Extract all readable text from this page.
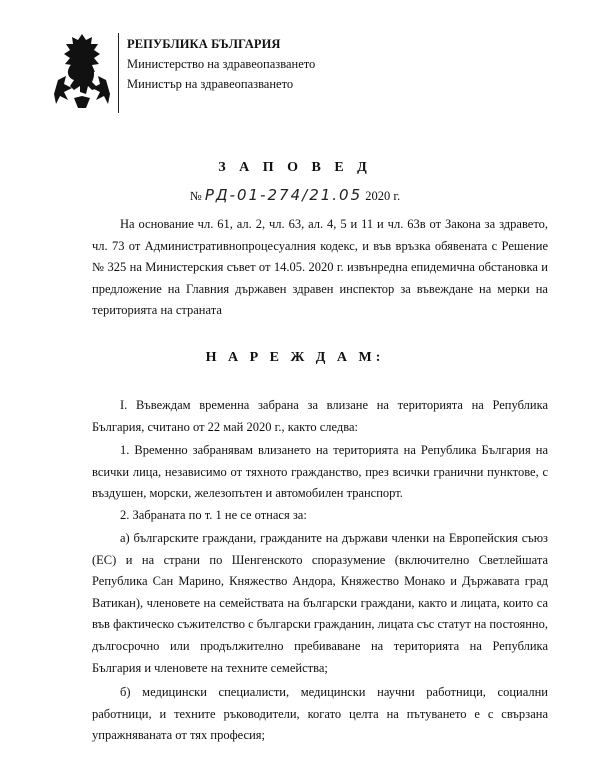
РЕПУБЛИКА БЪЛГАРИЯ
Министерство на здравеопазването
Министър на здравеопазването
З А П О В Е Д
№ РД-01-274/21.05 2020 г.
На основание чл. 61, ал. 2, чл. 63, ал. 4, 5 и 11 и чл. 63в от Закона за здравето, чл. 73 от Административнопроцесуалния кодекс, и във връзка обявената с Решение № 325 на Министерския съвет от 14.05. 2020 г. извънредна епидемична обстановка и предложение на Главния държавен здравен инспектор за въвеждане на мерки на територията на страната
Н А Р Е Ж Д А М:
I. Въвеждам временна забрана за влизане на територията на Република България, считано от 22 май 2020 г., както следва:
1. Временно забранявам влизането на територията на Република България на всички лица, независимо от тяхното гражданство, през всички гранични пунктове, с въздушен, морски, железопътен и автомобилен транспорт.
2. Забраната по т. 1 не се отнася за:
а) българските граждани, гражданите на държави членки на Европейския съюз (ЕС) и на страни по Шенгенското споразумение (включително Светлейшата Република Сан Марино, Княжество Андора, Княжество Монако и Държавата град Ватикан), членовете на семействата на български граждани, както и лицата, които са във фактическо съжителство с български гражданин, лицата със статут на постоянно, дългосрочно или продължително пребиваване на територията на Република България и членовете на техните семейства;
б) медицински специалисти, медицински научни работници, социални работници, и техните ръководители, когато целта на пътуването е с свързана упражняваната от тях професия;
